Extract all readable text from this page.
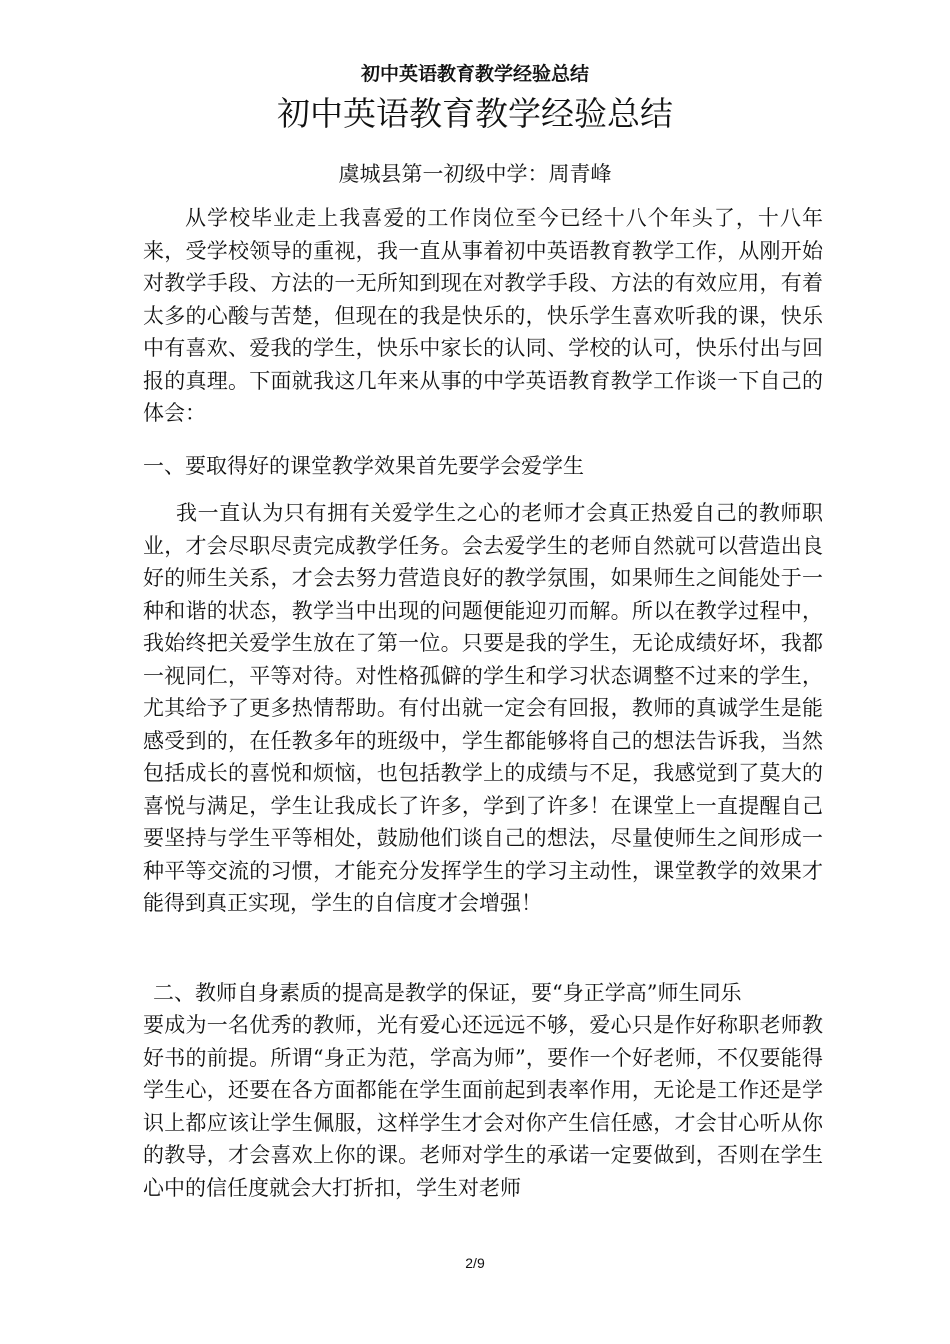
初中英语教育教学经验总结
初中英语教育教学经验总结
虞城县第一初级中学：周青峰

从学校毕业走上我喜爱的工作岗位至今已经十八个年头了，十八年来，受学校领导的重视，我一直从事着初中英语教育教学工作，从刚开始对教学手段、方法的一无所知到现在对教学手段、方法的有效应用，有着太多的心酸与苦楚，但现在的我是快乐的，快乐学生喜欢听我的课，快乐中有喜欢、爱我的学生，快乐中家长的认同、学校的认可，快乐付出与回报的真理。下面就我这几年来从事的中学英语教育教学工作谈一下自己的体会：

一、要取得好的课堂教学效果首先要学会爱学生

我一直认为只有拥有关爱学生之心的老师才会真正热爱自己的教师职业，才会尽职尽责完成教学任务。会去爱学生的老师自然就可以营造出良好的师生关系，才会去努力营造良好的教学氛围，如果师生之间能处于一种和谐的状态，教学当中出现的问题便能迎刃而解。所以在教学过程中，我始终把关爱学生放在了第一位。只要是我的学生，无论成绩好坏，我都一视同仁，平等对待。对性格孤僻的学生和学习状态调整不过来的学生，尤其给予了更多热情帮助。有付出就一定会有回报，教师的真诚学生是能感受到的，在任教多年的班级中，学生都能够将自己的想法告诉我，当然包括成长的喜悦和烦恼，也包括教学上的成绩与不足，我感觉到了莫大的喜悦与满足，学生让我成长了许多，学到了许多！在课堂上一直提醒自己要坚持与学生平等相处，鼓励他们谈自己的想法，尽量使师生之间形成一种平等交流的习惯，才能充分发挥学生的学习主动性，课堂教学的效果才能得到真正实现，学生的自信度才会增强！

二、教师自身素质的提高是教学的保证，要“身正学高”师生同乐

要成为一名优秀的教师，光有爱心还远远不够，爱心只是作好称职老师教好书的前提。所谓“身正为范，学高为师”，要作一个好老师，不仅要能得学生心，还要在各方面都能在学生面前起到表率作用，无论是工作还是学识上都应该让学生佩服，这样学生才会对你产生信任感，才会甘心听从你的教导，才会喜欢上你的课。老师对学生的承诺一定要做到，否则在学生心中的信任度就会大打折扣，学生对老师

2/9
